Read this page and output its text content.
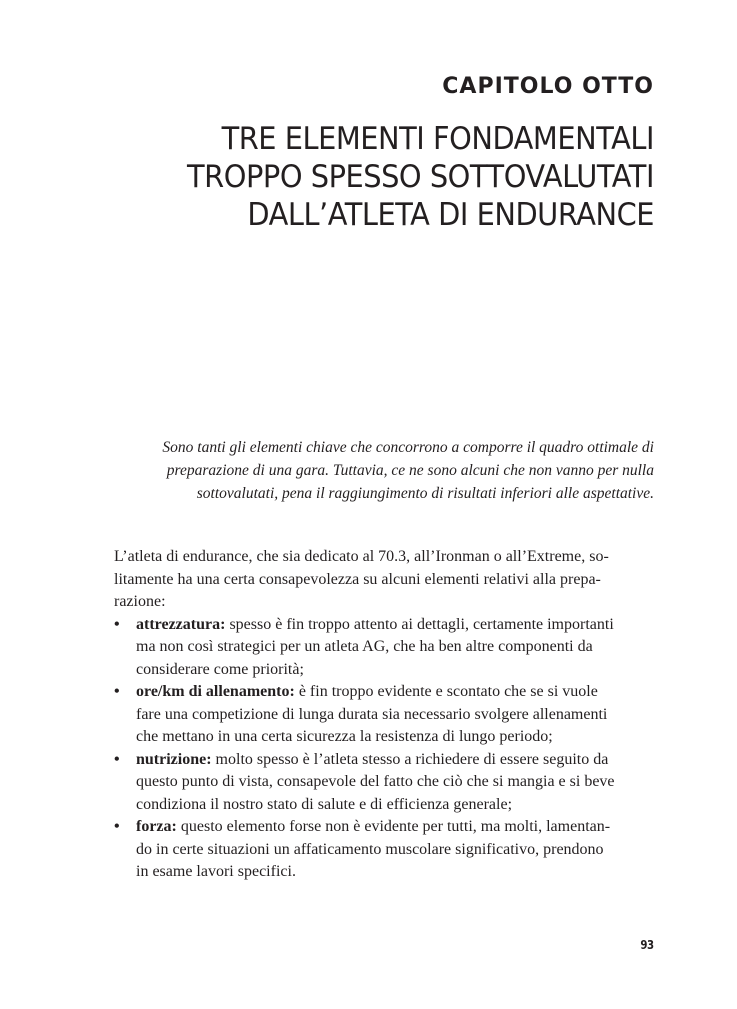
CAPITOLO OTTO
TRE ELEMENTI FONDAMENTALI
TROPPO SPESSO SOTTOVALUTATI
DALL’ATLETA DI ENDURANCE
Sono tanti gli elementi chiave che concorrono a comporre il quadro ottimale di
preparazione di una gara. Tuttavia, ce ne sono alcuni che non vanno per nulla
sottovalutati, pena il raggiungimento di risultati inferiori alle aspettative.
L’atleta di endurance, che sia dedicato al 70.3, all’Ironman o all’Extreme, so-
litamente ha una certa consapevolezza su alcuni elementi relativi alla prepa-
razione:
• attrezzatura: spesso è fin troppo attento ai dettagli, certamente importanti
ma non così strategici per un atleta AG, che ha ben altre componenti da
considerare come priorità;
• ore/km di allenamento: è fin troppo evidente e scontato che se si vuole
fare una competizione di lunga durata sia necessario svolgere allenamenti
che mettano in una certa sicurezza la resistenza di lungo periodo;
• nutrizione: molto spesso è l’atleta stesso a richiedere di essere seguito da
questo punto di vista, consapevole del fatto che ciò che si mangia e si beve
condiziona il nostro stato di salute e di efficienza generale;
• forza: questo elemento forse non è evidente per tutti, ma molti, lamentan-
do in certe situazioni un affaticamento muscolare significativo, prendono
in esame lavori specifici.
93
